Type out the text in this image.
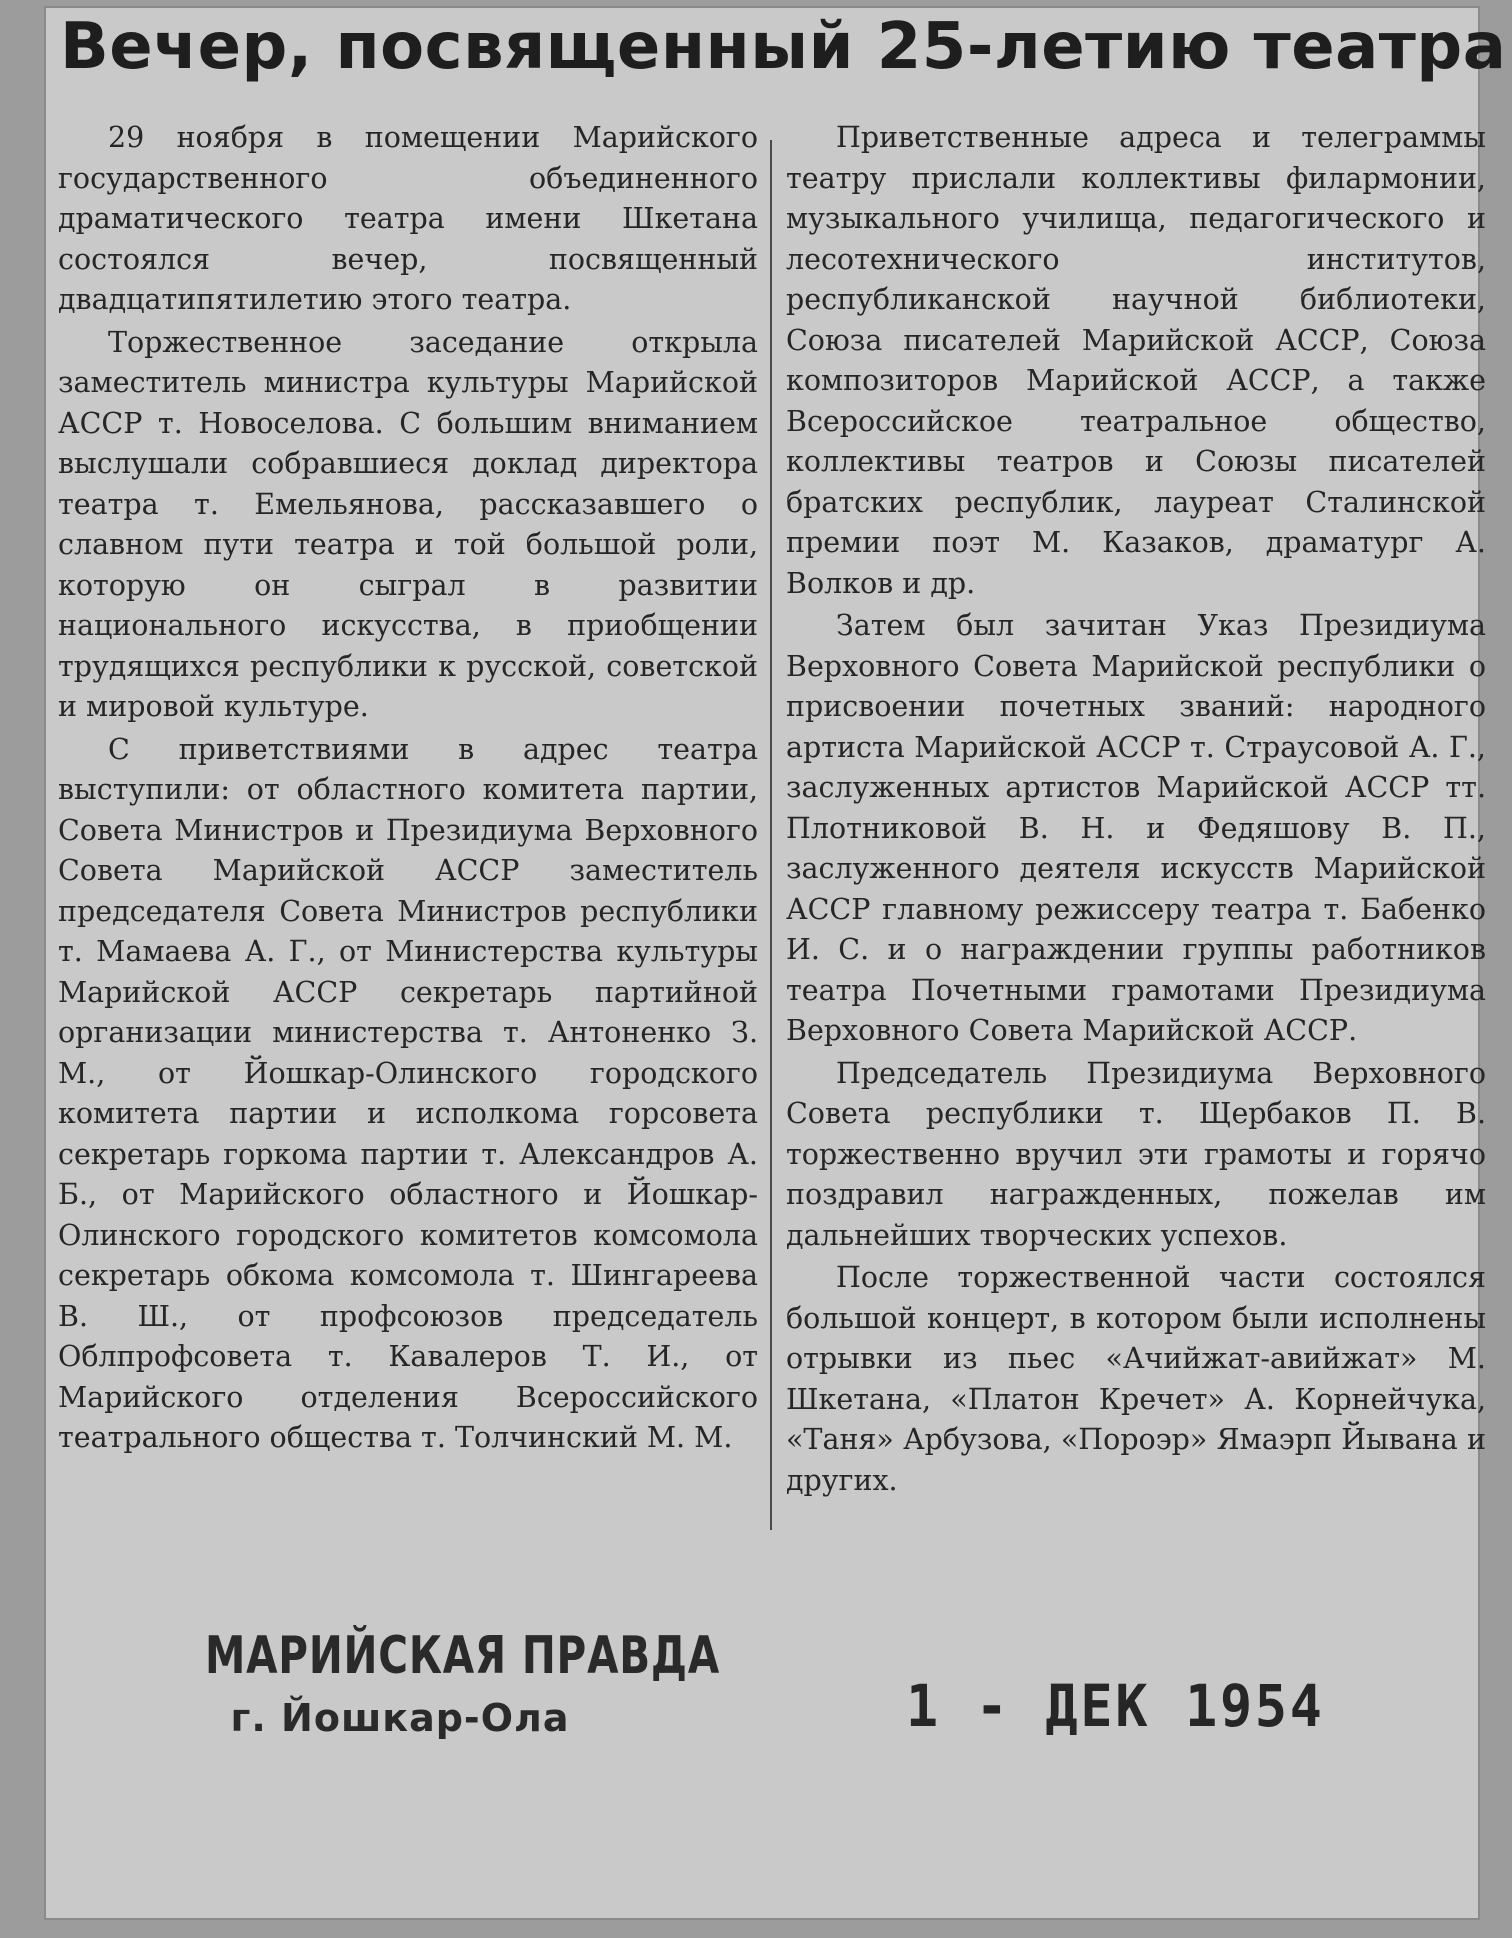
Вечер, посвященный 25-летию театра

29 ноября в помещении Марийского государственного объединенного драматического театра имени Шкетана состоялся вечер, посвященный двадцатипятилетию этого театра.

Торжественное заседание открыла заместитель министра культуры Марийской АССР т. Новоселова. С большим вниманием выслушали собравшиеся доклад директора театра т. Емельянова, рассказавшего о славном пути театра и той большой роли, которую он сыграл в развитии национального искусства, в приобщении трудящихся республики к русской, советской и мировой культуре.

С приветствиями в адрес театра выступили: от областного комитета партии, Совета Министров и Президиума Верховного Совета Марийской АССР заместитель председателя Совета Министров республики т. Мамаева А. Г., от Министерства культуры Марийской АССР секретарь партийной организации министерства т. Антоненко З. М., от Йошкар-Олинского городского комитета партии и исполкома горсовета секретарь горкома партии т. Александров А. Б., от Марийского областного и Йошкар-Олинского городского комитетов комсомола секретарь обкома комсомола т. Шингареева В. Ш., от профсоюзов председатель Облпрофсовета т. Кавалеров Т. И., от Марийского отделения Всероссийского театрального общества т. Толчинский М. М.

Приветственные адреса и телеграммы театру прислали коллективы филармонии, музыкального училища, педагогического и лесотехнического институтов, республиканской научной библиотеки, Союза писателей Марийской АССР, Союза композиторов Марийской АССР, а также Всероссийское театральное общество, коллективы театров и Союзы писателей братских республик, лауреат Сталинской премии поэт М. Казаков, драматург А. Волков и др.

Затем был зачитан Указ Президиума Верховного Совета Марийской республики о присвоении почетных званий: народного артиста Марийской АССР т. Страусовой А. Г., заслуженных артистов Марийской АССР тт. Плотниковой В. Н. и Федяшову В. П., заслуженного деятеля искусств Марийской АССР главному режиссеру театра т. Бабенко И. С. и о награждении группы работников театра Почетными грамотами Президиума Верховного Совета Марийской АССР.

Председатель Президиума Верховного Совета республики т. Щербаков П. В. торжественно вручил эти грамоты и горячо поздравил награжденных, пожелав им дальнейших творческих успехов.

После торжественной части состоялся большой концерт, в котором были исполнены отрывки из пьес «Ачийжат-авийжат» М. Шкетана, «Платон Кречет» А. Корнейчука, «Таня» Арбузова, «Пороэр» Ямаэрп Йывана и других.

МАРИЙСКАЯ ПРАВДА
г. Йошкар-Ола	1 - ДЕК 1954
